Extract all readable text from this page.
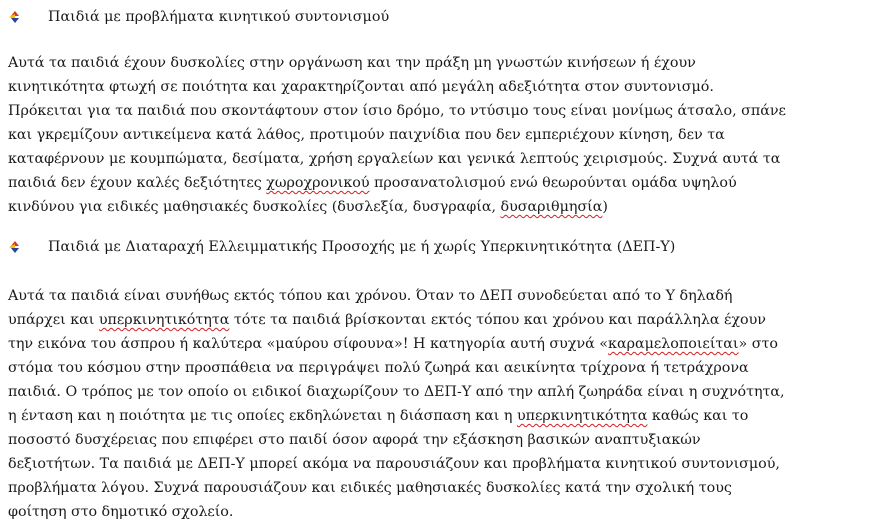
Παιδιά με προβλήματα κινητικού συντονισμού
Αυτά τα παιδιά έχουν δυσκολίες στην οργάνωση και την πράξη μη γνωστών κινήσεων ή έχουν
κινητικότητα φτωχή σε ποιότητα και χαρακτηρίζονται από μεγάλη αδεξιότητα στον συντονισμό.
Πρόκειται για τα παιδιά που σκοντάφτουν στον ίσιο δρόμο, το ντύσιμο τους είναι μονίμως άτσαλο, σπάνε
και γκρεμίζουν αντικείμενα κατά λάθος, προτιμούν παιχνίδια που δεν εμπεριέχουν κίνηση, δεν τα
καταφέρνουν με κουμπώματα, δεσίματα, χρήση εργαλείων και γενικά λεπτούς χειρισμούς. Συχνά αυτά τα
παιδιά δεν έχουν καλές δεξιότητες χωροχρονικού προσανατολισμού ενώ θεωρούνται ομάδα υψηλού
κινδύνου για ειδικές μαθησιακές δυσκολίες (δυσλεξία, δυσγραφία, δυσαριθμησία)
Παιδιά με Διαταραχή Ελλειμματικής Προσοχής με ή χωρίς Υπερκινητικότητα (ΔΕΠ-Υ)
Αυτά τα παιδιά είναι συνήθως εκτός τόπου και χρόνου. Όταν το ΔΕΠ συνοδεύεται από το Υ δηλαδή
υπάρχει και υπερκινητικότητα τότε τα παιδιά βρίσκονται εκτός τόπου και χρόνου και παράλληλα έχουν
την εικόνα του άσπρου ή καλύτερα «μαύρου σίφουνα»! Η κατηγορία αυτή συχνά «καραμελοποιείται» στο
στόμα του κόσμου στην προσπάθεια να περιγράψει πολύ ζωηρά και αεικίνητα τρίχρονα ή τετράχρονα
παιδιά. Ο τρόπος με τον οποίο οι ειδικοί διαχωρίζουν το ΔΕΠ-Υ από την απλή ζωηράδα είναι η συχνότητα,
η ένταση και η ποιότητα με τις οποίες εκδηλώνεται η διάσπαση και η υπερκινητικότητα καθώς και το
ποσοστό δυσχέρειας που επιφέρει στο παιδί όσον αφορά την εξάσκηση βασικών αναπτυξιακών
δεξιοτήτων. Τα παιδιά με ΔΕΠ-Υ μπορεί ακόμα να παρουσιάζουν και προβλήματα κινητικού συντονισμού,
προβλήματα λόγου. Συχνά παρουσιάζουν και ειδικές μαθησιακές δυσκολίες κατά την σχολική τους
φοίτηση στο δημοτικό σχολείο.
